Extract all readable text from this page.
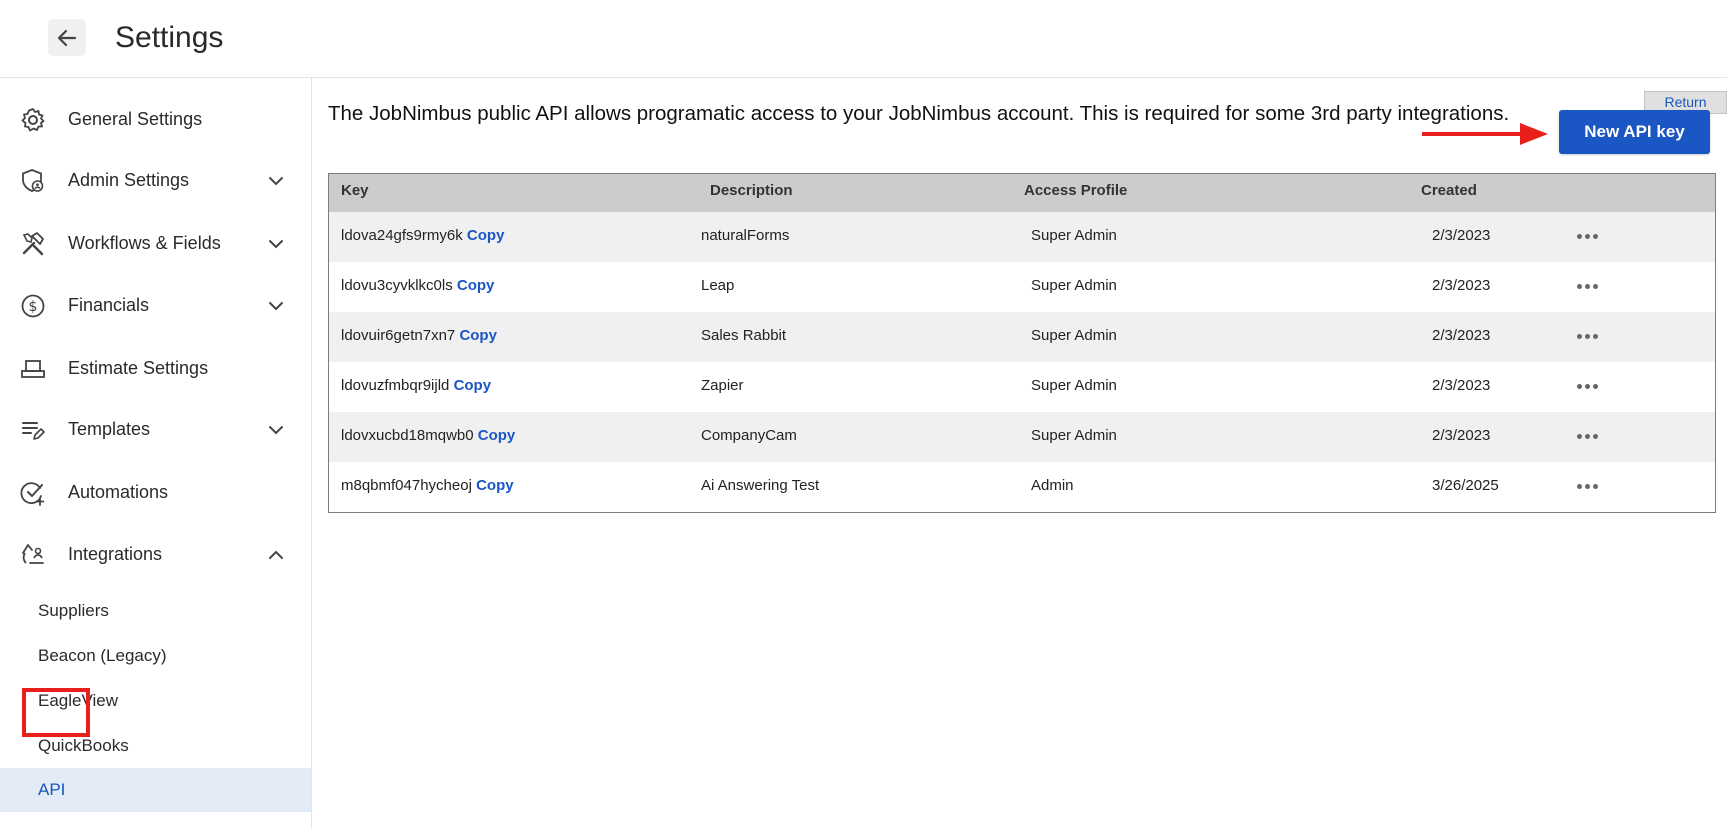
Settings
General Settings
Admin Settings
Workflows & Fields
$ Financials
Estimate Settings
Templates
Automations
Integrations
Suppliers
Beacon (Legacy)
EagleView
QuickBooks
API
The JobNimbus public API allows programatic access to your JobNimbus account. This is required for some 3rd party integrations.	Return
New API key
Key	Description	Access Profile	Created
ldova24gfs9rmy6k Copy	naturalForms	Super Admin	2/3/2023
ldovu3cyvklkc0ls Copy	Leap	Super Admin	2/3/2023
ldovuir6getn7xn7 Copy	Sales Rabbit	Super Admin	2/3/2023
ldovuzfmbqr9ijld Copy	Zapier	Super Admin	2/3/2023
ldovxucbd18mqwb0 Copy	CompanyCam	Super Admin	2/3/2023
m8qbmf047hycheoj Copy	Ai Answering Test	Admin	3/26/2025
